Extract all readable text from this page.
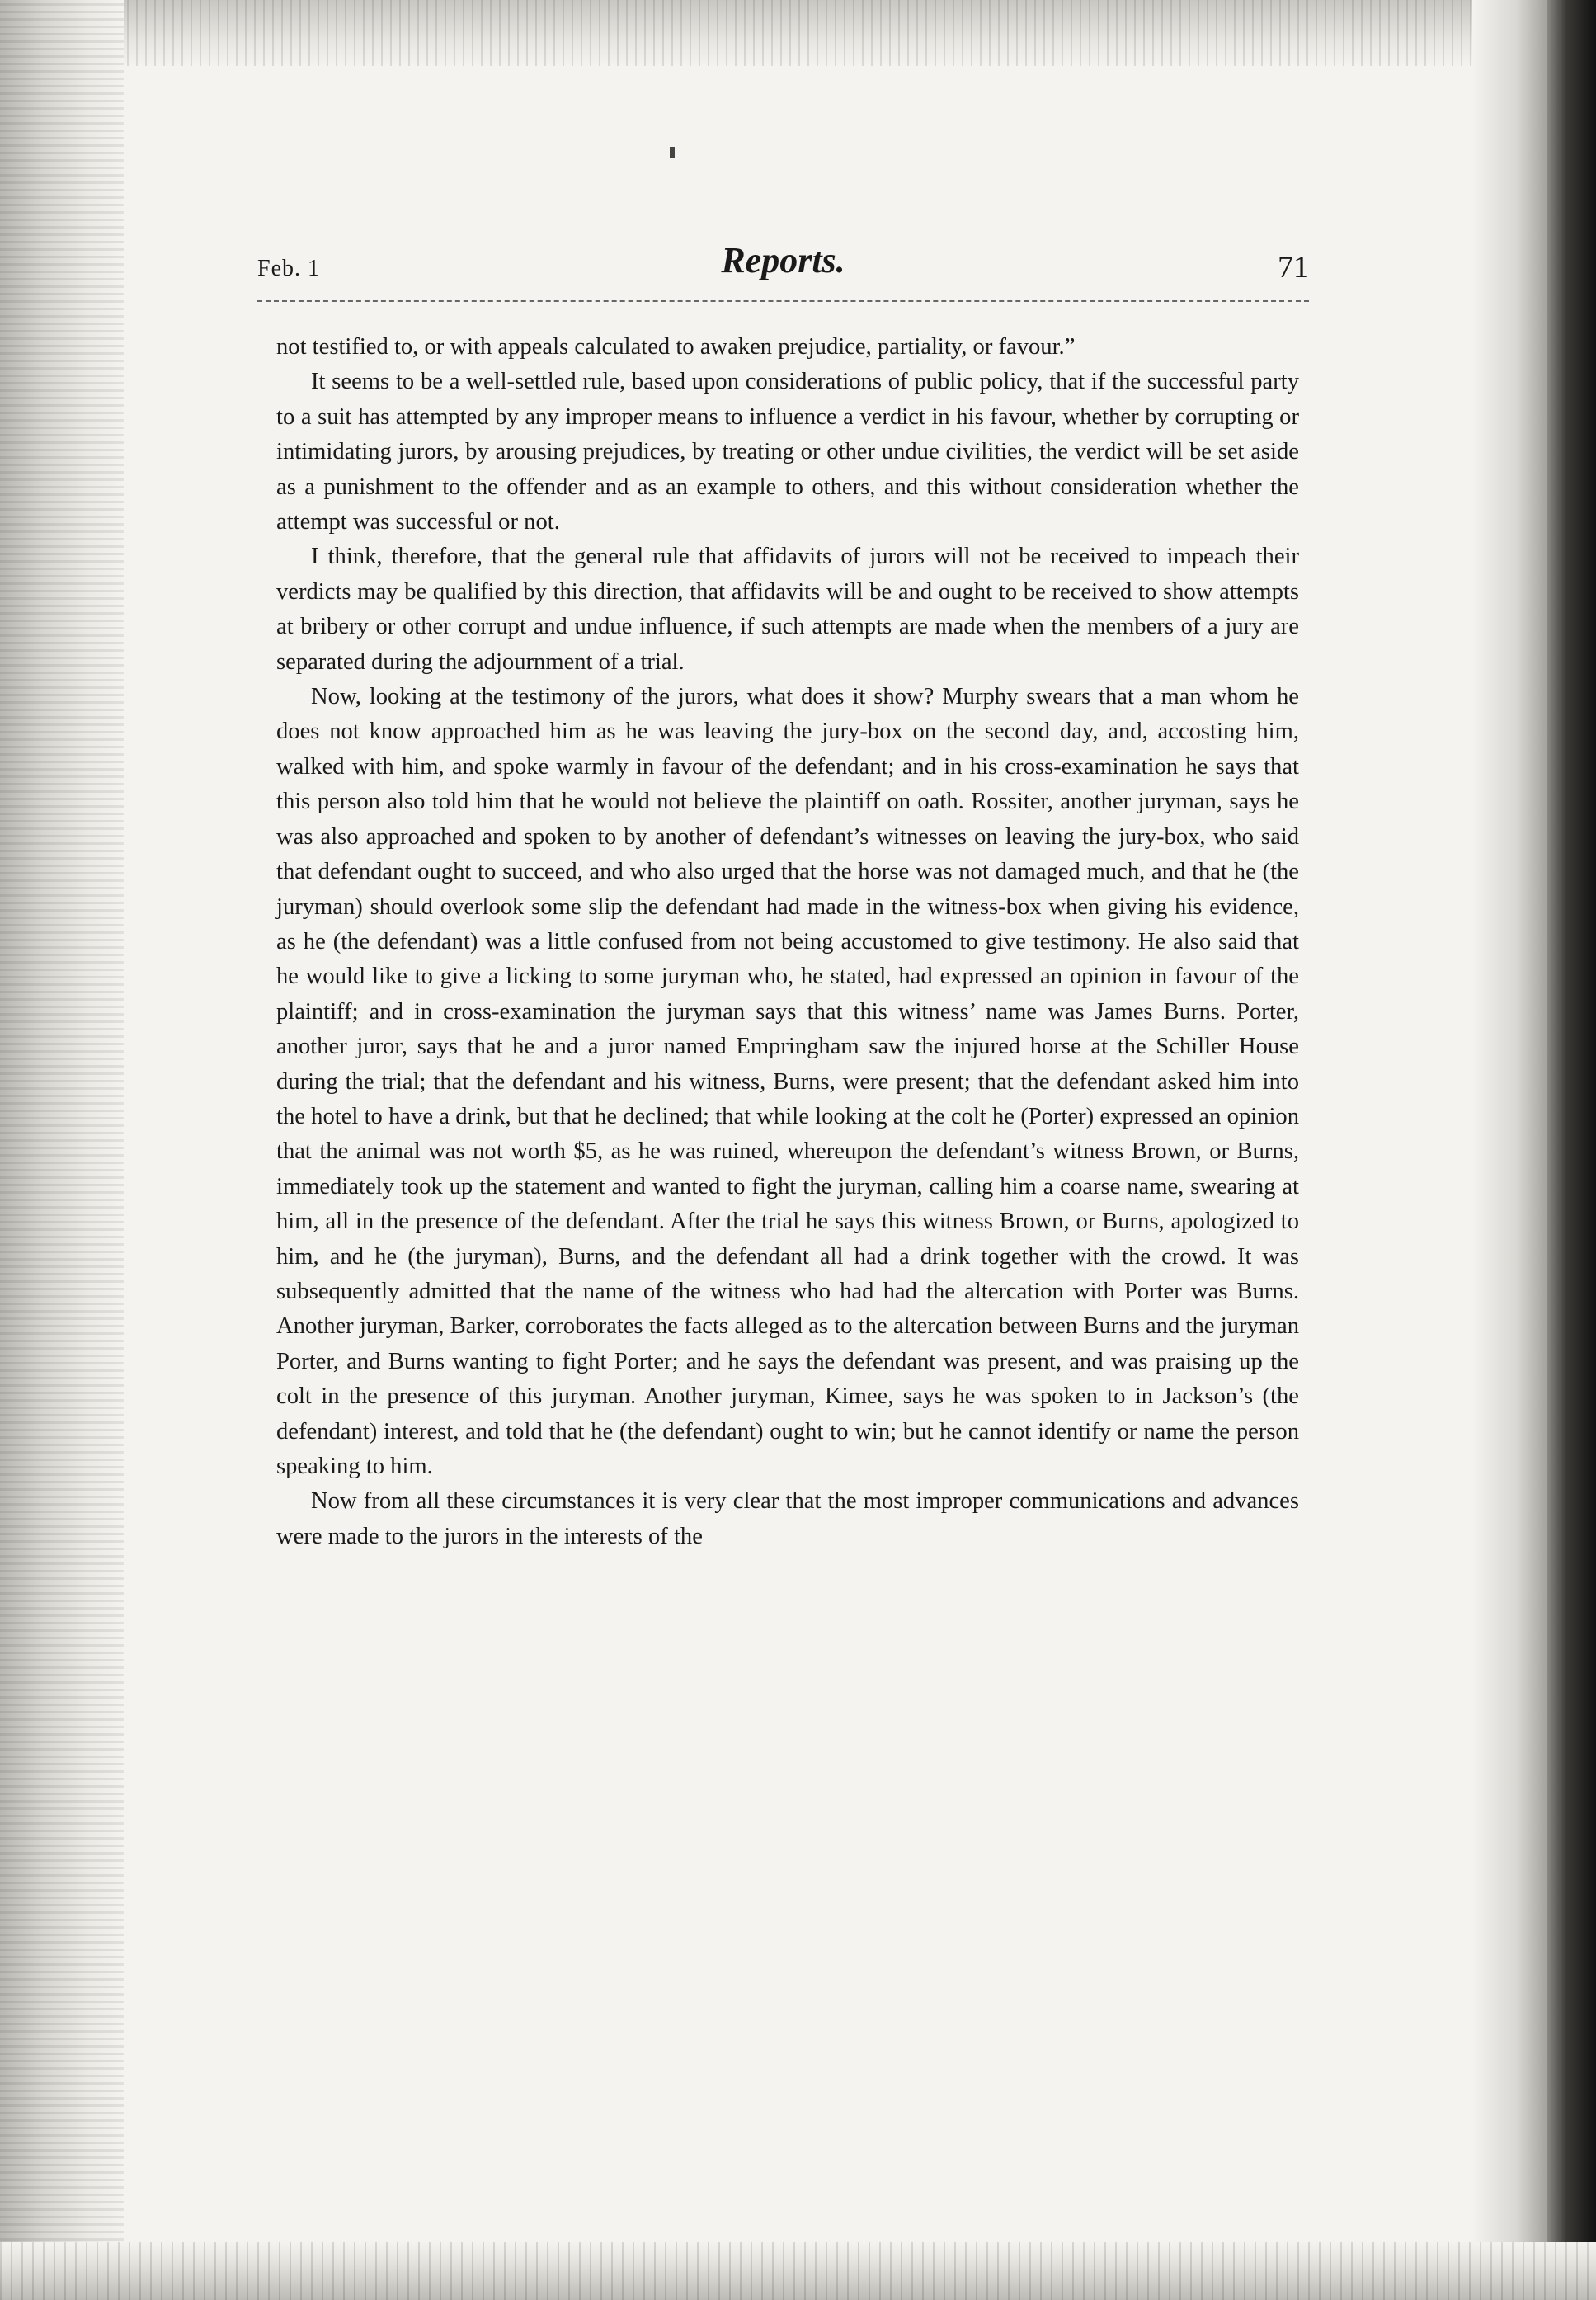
Feb. 1	Reports.	71

not testified to, or with appeals calculated to awaken prejudice, partiality, or favour.”

It seems to be a well-settled rule, based upon considerations of public policy, that if the successful party to a suit has attempted by any improper means to influence a verdict in his favour, whether by corrupting or intimidating jurors, by arousing prejudices, by treating or other undue civilities, the verdict will be set aside as a punishment to the offender and as an example to others, and this without consideration whether the attempt was successful or not.

I think, therefore, that the general rule that affidavits of jurors will not be received to impeach their verdicts may be qualified by this direction, that affidavits will be and ought to be received to show attempts at bribery or other corrupt and undue influence, if such attempts are made when the members of a jury are separated during the adjournment of a trial.

Now, looking at the testimony of the jurors, what does it show? Murphy swears that a man whom he does not know approached him as he was leaving the jury-box on the second day, and, accosting him, walked with him, and spoke warmly in favour of the defendant; and in his cross-examination he says that this person also told him that he would not believe the plaintiff on oath. Rossiter, another juryman, says he was also approached and spoken to by another of defendant’s witnesses on leaving the jury-box, who said that defendant ought to succeed, and who also urged that the horse was not damaged much, and that he (the juryman) should overlook some slip the defendant had made in the witness-box when giving his evidence, as he (the defendant) was a little confused from not being accustomed to give testimony. He also said that he would like to give a licking to some juryman who, he stated, had expressed an opinion in favour of the plaintiff; and in cross-examination the juryman says that this witness’ name was James Burns. Porter, another juror, says that he and a juror named Empringham saw the injured horse at the Schiller House during the trial; that the defendant and his witness, Burns, were present; that the defendant asked him into the hotel to have a drink, but that he declined; that while looking at the colt he (Porter) expressed an opinion that the animal was not worth $5, as he was ruined, whereupon the defendant’s witness Brown, or Burns, immediately took up the statement and wanted to fight the juryman, calling him a coarse name, swearing at him, all in the presence of the defendant. After the trial he says this witness Brown, or Burns, apologized to him, and he (the juryman), Burns, and the defendant all had a drink together with the crowd. It was subsequently admitted that the name of the witness who had had the altercation with Porter was Burns. Another juryman, Barker, corroborates the facts alleged as to the altercation between Burns and the juryman Porter, and Burns wanting to fight Porter; and he says the defendant was present, and was praising up the colt in the presence of this juryman. Another juryman, Kimee, says he was spoken to in Jackson’s (the defendant) interest, and told that he (the defendant) ought to win; but he cannot identify or name the person speaking to him.

Now from all these circumstances it is very clear that the most improper communications and advances were made to the jurors in the interests of the
